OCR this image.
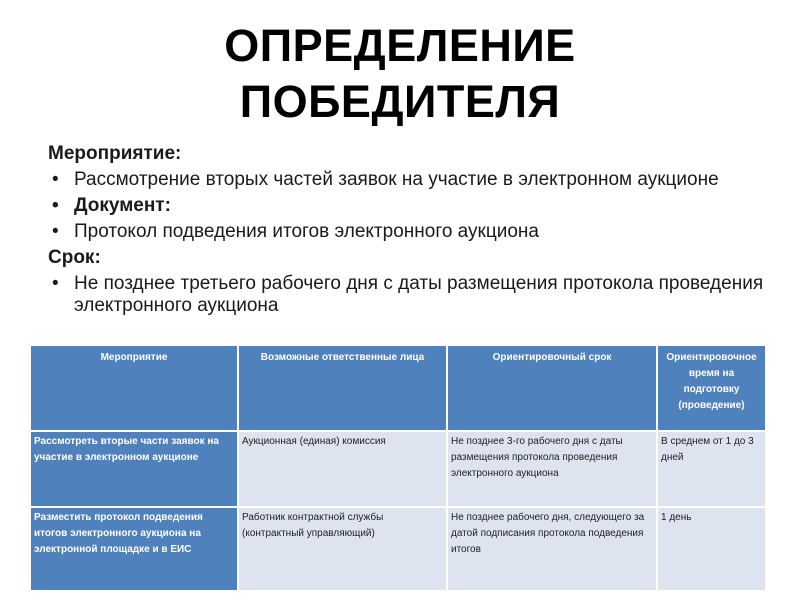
ОПРЕДЕЛЕНИЕ
ПОБЕДИТЕЛЯ
Мероприятие:
• Рассмотрение вторых частей заявок на участие в электронном аукционе
• Документ:
• Протокол подведения итогов электронного аукциона
Срок:
• Не позднее третьего рабочего дня с даты размещения протокола проведения электронного аукциона
Мероприятие	Возможные ответственные лица	Ориентировочный срок	Ориентировочное время на подготовку (проведение)
Рассмотреть вторые части заявок на участие в электронном аукционе	Аукционная (единая) комиссия	Не позднее 3-го рабочего дня с даты размещения протокола проведения электронного аукциона	В среднем от 1 до 3 дней
Разместить протокол подведения итогов электронного аукциона на электронной площадке и в ЕИС	Работник контрактной службы (контрактный управляющий)	Не позднее рабочего дня, следующего за датой подписания протокола подведения итогов	1 день
